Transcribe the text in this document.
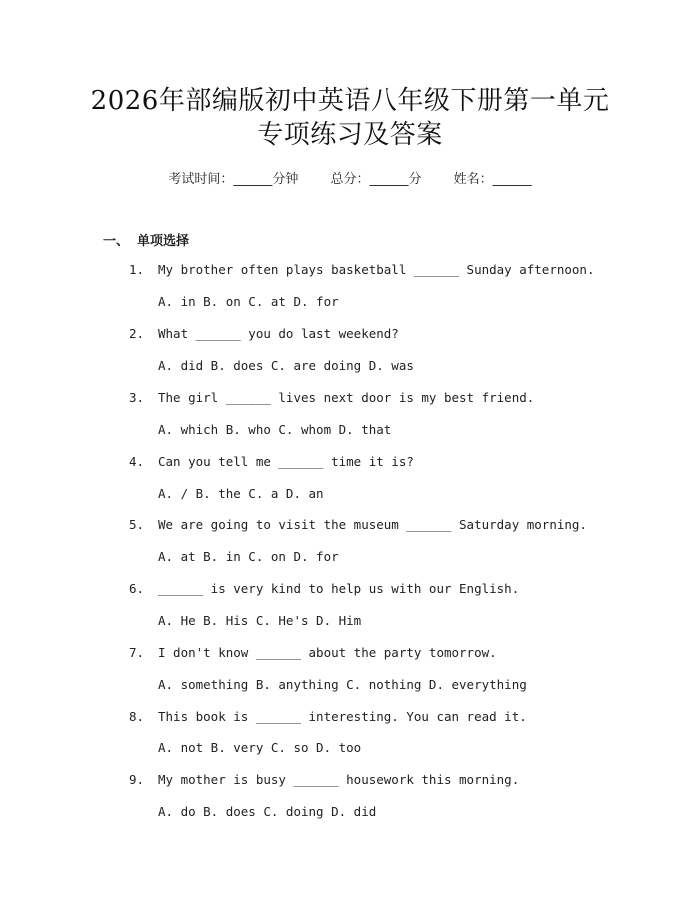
2026年部编版初中英语八年级下册第一单元
专项练习及答案
考试时间：______分钟 总分：______分 姓名：______
一、 单项选择
1. My brother often plays basketball ______ Sunday afternoon.
A. in B. on C. at D. for
2. What ______ you do last weekend?
A. did B. does C. are doing D. was
3. The girl ______ lives next door is my best friend.
A. which B. who C. whom D. that
4. Can you tell me ______ time it is?
A. / B. the C. a D. an
5. We are going to visit the museum ______ Saturday morning.
A. at B. in C. on D. for
6. ______ is very kind to help us with our English.
A. He B. His C. He's D. Him
7. I don't know ______ about the party tomorrow.
A. something B. anything C. nothing D. everything
8. This book is ______ interesting. You can read it.
A. not B. very C. so D. too
9. My mother is busy ______ housework this morning.
A. do B. does C. doing D. did
